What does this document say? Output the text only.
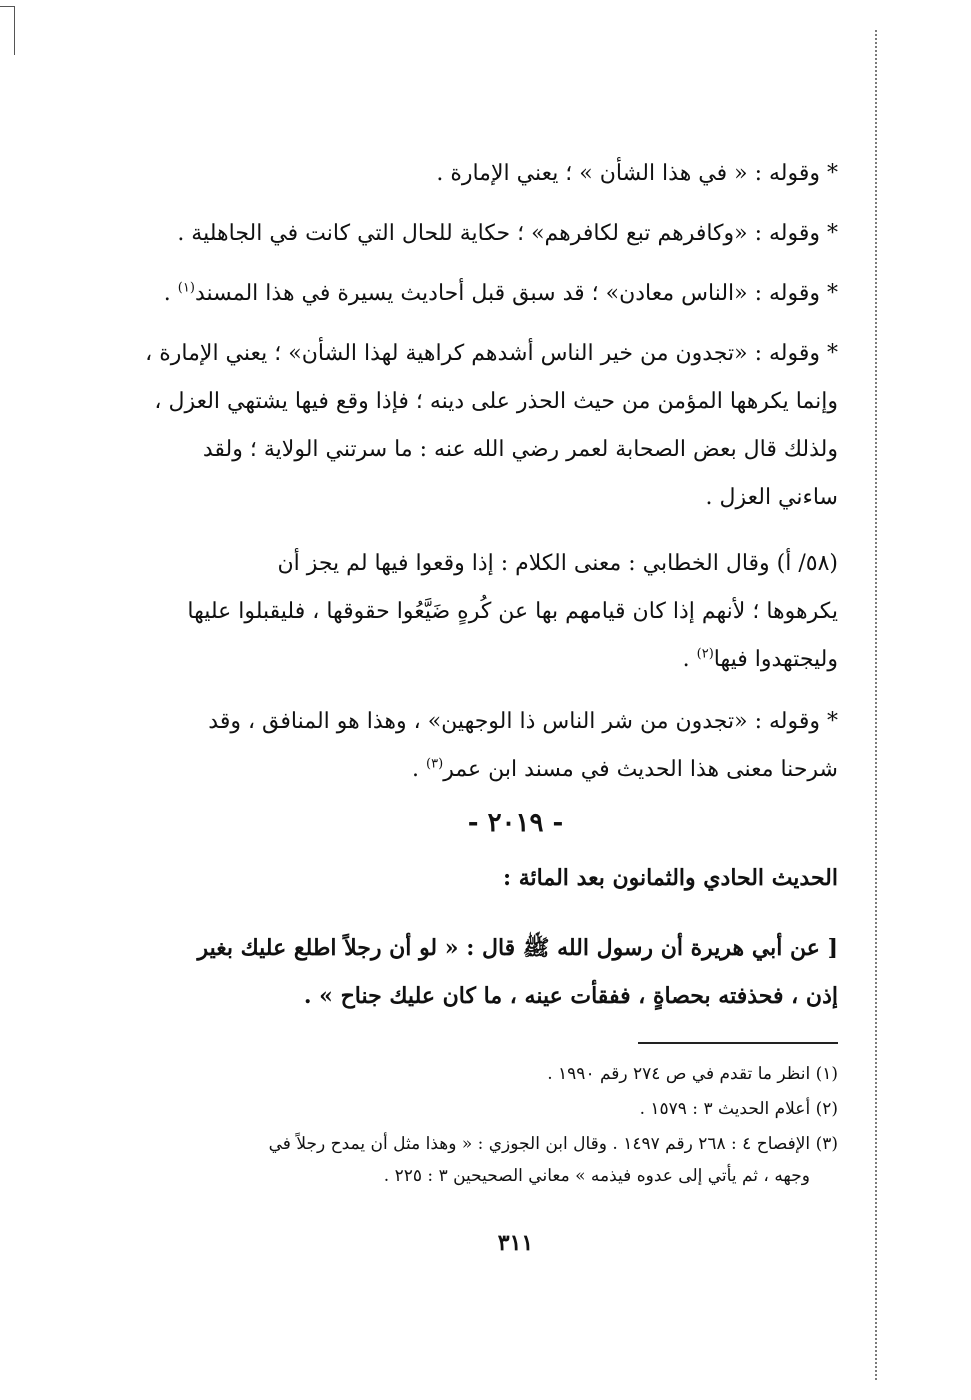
* وقوله : « في هذا الشأن » ؛ يعني الإمارة .
* وقوله : «وكافرهم تبع لكافرهم» ؛ حكاية للحال التي كانت في الجاهلية .
* وقوله : «الناس معادن» ؛ قد سبق قبل أحاديث يسيرة في هذا المسند$^{(١)}$ .
* وقوله : «تجدون من خير الناس أشدهم كراهية لهذا الشأن» ؛ يعني الإمارة ،
وإنما يكرهها المؤمن من حيث الحذر على دينه ؛ فإذا وقع فيها يشتهي العزل ،
ولذلك قال بعض الصحابة لعمر رضي الله عنه : ما سرتني الولاية ؛ ولقد
ساءني العزل .
(٥٨/ أ) وقال الخطابي : معنى الكلام : إذا وقعوا فيها لم يجز أن
يكرهوها ؛ لأنهم إذا كان قيامهم بها عن كُرهٍ ضَيَّعُوا حقوقها ، فليقبلوا عليها
وليجتهدوا فيها$^{(٢)}$ .
* وقوله : «تجدون من شر الناس ذا الوجهين» ، وهذا هو المنافق ، وقد
شرحنا معنى هذا الحديث في مسند ابن عمر$^{(٣)}$ .
- ٢٠١٩ -
الحديث الحادي والثمانون بعد المائة :
[ عن أبي هريرة أن رسول الله ﷺ قال : « لو أن رجلاً اطلع عليك بغير
إذن ، فحذفته بحصاةٍ ، ففقأت عينه ، ما كان عليك جناح » .
(١) انظر ما تقدم في ص ٢٧٤ رقم ١٩٩٠ .
(٢) أعلام الحديث ٣ : ١٥٧٩ .
(٣) الإفصاح ٤ : ٢٦٨ رقم ١٤٩٧ . وقال ابن الجوزي : « وهذا مثل أن يمدح رجلاً في
وجهه ، ثم يأتي إلى عدوه فيذمه » معاني الصحيحين ٣ : ٢٢٥ .
٣١١
